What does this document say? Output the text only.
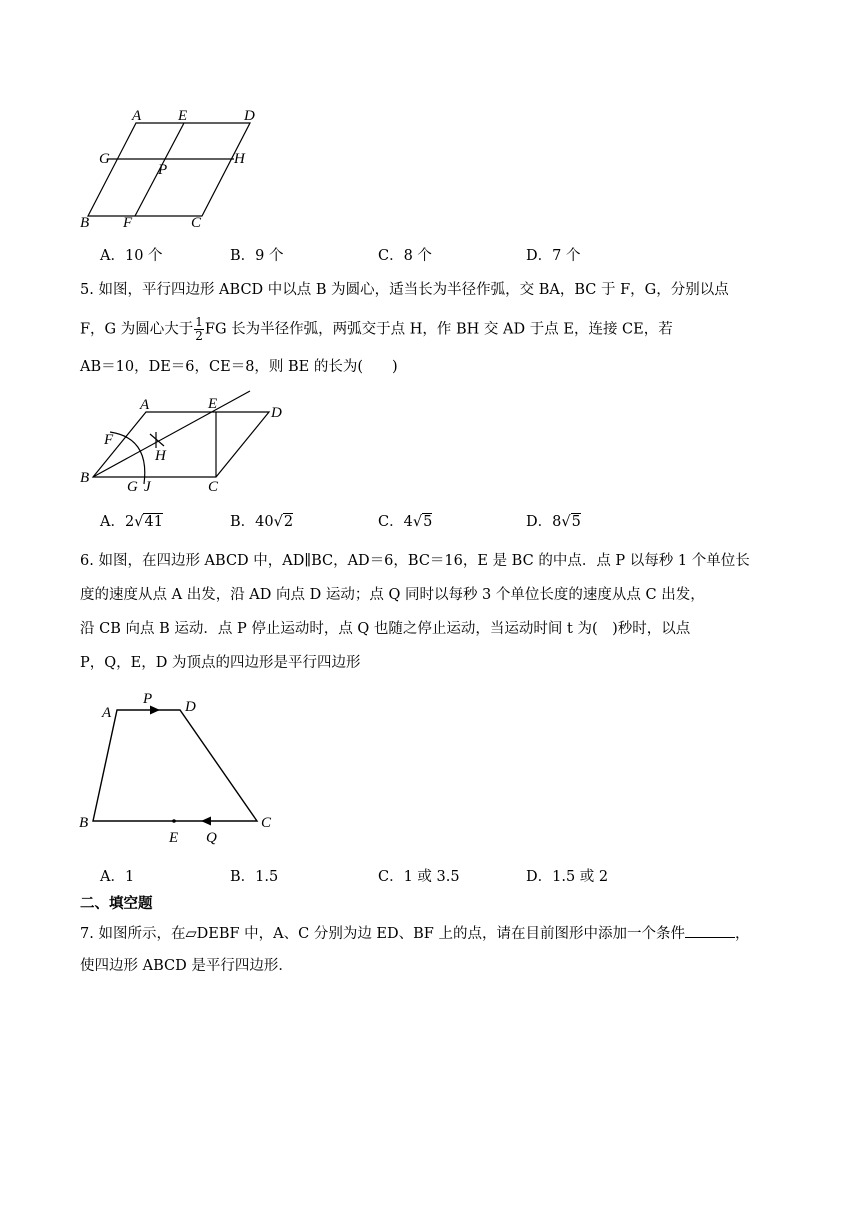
A E	D
G
P
H
B F	C
A．10 个	B．9 个	C．8 个	D．7 个
5. 如图，平行四边形 ABCD 中以点 B 为圆心，适当长为半径作弧，交 BA，BC 于 F，G，分别以点
F，G 为圆心大于 $\frac{1}{2}$ FG 长为半径作弧，两弧交于点 H，作 BH 交 AD 于点 E，连接 CE，若
AB＝10，DE＝6，CE＝8，则 BE 的长为(　　)
A	E
D
F
H
B
G J	C
A．2√41	B．40√2	C．4√5	D．8√5
6. 如图，在四边形 ABCD 中，AD∥BC，AD＝6，BC＝16，E 是 BC 的中点．点 P 以每秒 1 个单位长
度的速度从点 A 出发，沿 AD 向点 D 运动；点 Q 同时以每秒 3 个单位长度的速度从点 C 出发，
沿 CB 向点 B 运动．点 P 停止运动时，点 Q 也随之停止运动，当运动时间 t 为(　)秒时，以点
P，Q，E，D 为顶点的四边形是平行四边形
P
A	D
B
E Q
C
A．1	B．1.5	C．1 或 3.5	D．1.5 或 2
二、填空题
7. 如图所示，在▱DEBF 中，A、C 分别为边 ED、BF 上的点，请在目前图形中添加一个条件	，
使四边形 ABCD 是平行四边形．
